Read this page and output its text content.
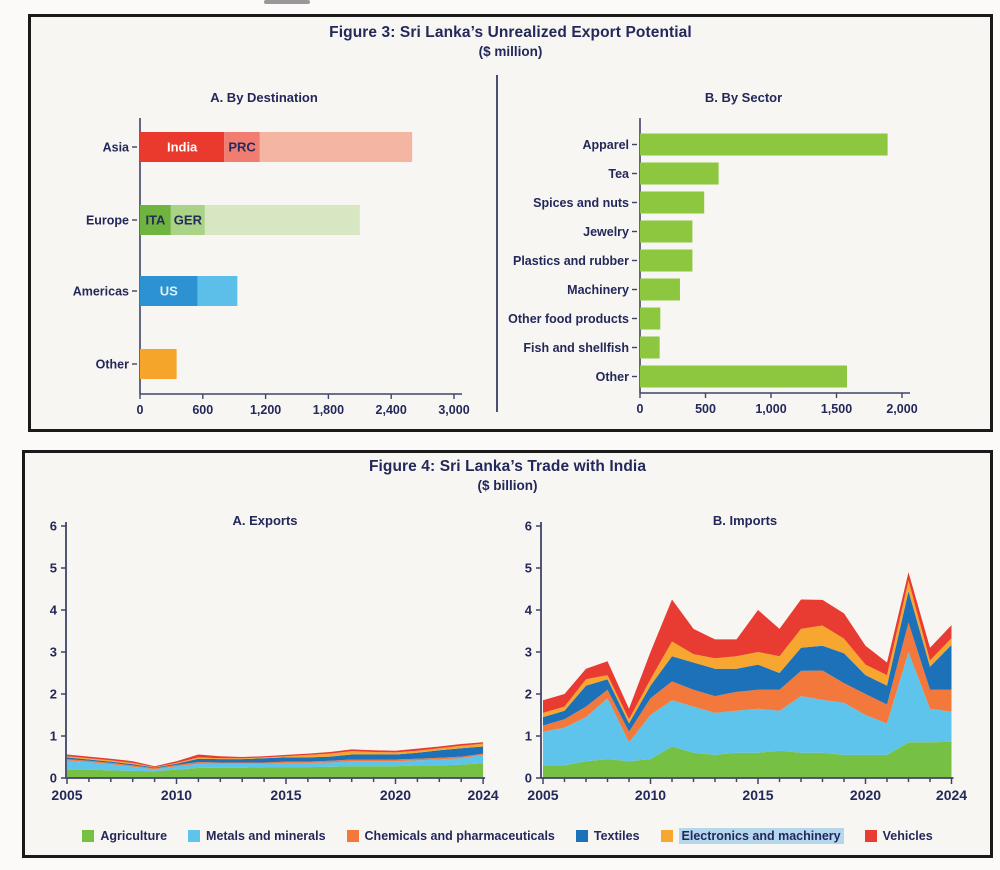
Figure 3: Sri Lanka’s Unrealized Export Potential
($ million)
A. By Destination	B. By Sector
0	600	1,200	1,800	2,400	3,000
Asia	India PRC
Europe ITA GER
Americas US
Other
0	500	1,000	1,500	2,000
Apparel
Tea
Spices and nuts
Jewelry
Plastics and rubber
Machinery
Other food products
Fish and shellfish
Other
Figure 4: Sri Lanka’s Trade with India
($ billion)
A. Exports	B. Imports
0
1
2
3
4
5
6
2005	2010	2015	2020	2024
0
1
2
3
4
5
6
2005	2010	2015	2020	2024
Agriculture	Metals and minerals	Chemicals and pharmaceuticals	Textiles	Electronics and machinery	Vehicles
